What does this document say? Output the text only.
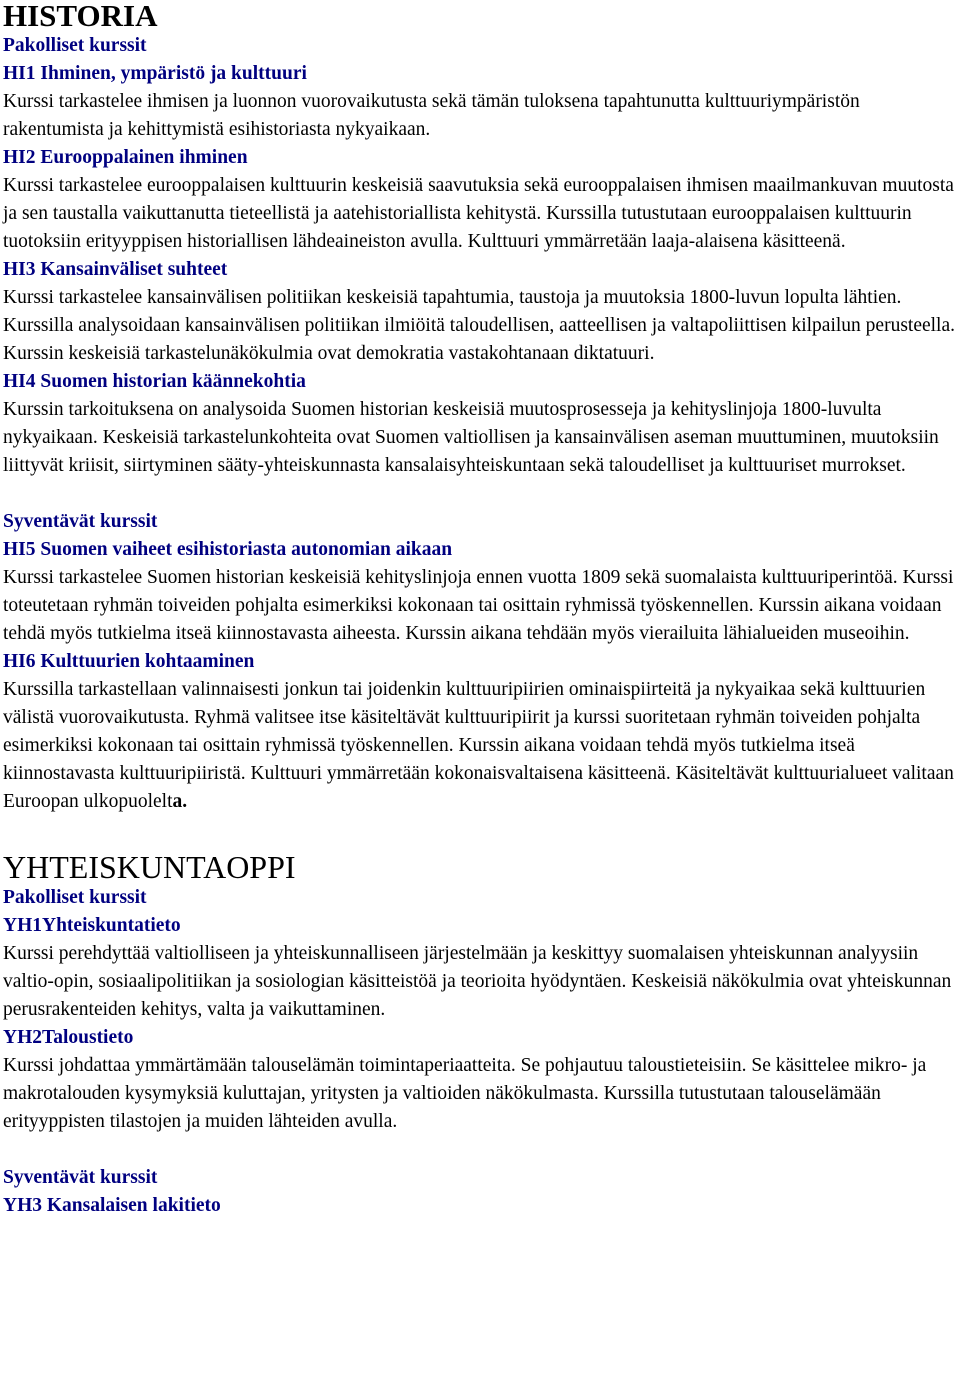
HISTORIA
Pakolliset kurssit
HI1 Ihminen, ympäristö ja kulttuuri
Kurssi tarkastelee ihmisen ja luonnon vuorovaikutusta sekä tämän tuloksena tapahtunutta kulttuuriympäristön rakentumista ja kehittymistä esihistoriasta nykyaikaan.
HI2 Eurooppalainen ihminen
Kurssi tarkastelee eurooppalaisen kulttuurin keskeisiä saavutuksia sekä eurooppalaisen ihmisen maailmankuvan muutosta ja sen taustalla vaikuttanutta tieteellistä ja aatehistoriallista kehitystä. Kurssilla tutustutaan eurooppalaisen kulttuurin tuotoksiin erityyppisen historiallisen lähdeaineiston avulla. Kulttuuri ymmärretään laaja-alaisena käsitteenä.
HI3 Kansainväliset suhteet
Kurssi tarkastelee kansainvälisen politiikan keskeisiä tapahtumia, taustoja ja muutoksia 1800-luvun lopulta lähtien. Kurssilla analysoidaan kansainvälisen politiikan ilmiöitä taloudellisen, aatteellisen ja valtapoliittisen kilpailun perusteella. Kurssin keskeisiä tarkastelunäkökulmia ovat demokratia vastakohtanaan diktatuuri.
HI4 Suomen historian käännekohtia
Kurssin tarkoituksena on analysoida Suomen historian keskeisiä muutosprosesseja ja kehityslinjoja 1800-luvulta nykyaikaan. Keskeisiä tarkastelunkohteita ovat Suomen valtiollisen ja kansainvälisen aseman muuttuminen, muutoksiin liittyvät kriisit, siirtyminen sääty-yhteiskunnasta kansalaisyhteiskuntaan sekä taloudelliset ja kulttuuriset murrokset.
Syventävät kurssit
HI5 Suomen vaiheet esihistoriasta autonomian aikaan
Kurssi tarkastelee Suomen historian keskeisiä kehityslinjoja ennen vuotta 1809 sekä suomalaista kulttuuriperintöä. Kurssi toteutetaan ryhmän toiveiden pohjalta esimerkiksi kokonaan tai osittain ryhmissä työskennellen. Kurssin aikana voidaan tehdä myös tutkielma itseä kiinnostavasta aiheesta. Kurssin aikana tehdään myös vierailuita lähialueiden museoihin.
HI6 Kulttuurien kohtaaminen
Kurssilla tarkastellaan valinnaisesti jonkun tai joidenkin kulttuuripiirien ominaispiirteitä ja nykyaikaa sekä kulttuurien välistä vuorovaikutusta. Ryhmä valitsee itse käsiteltävät kulttuuripiirit ja kurssi suoritetaan ryhmän toiveiden pohjalta esimerkiksi kokonaan tai osittain ryhmissä työskennellen. Kurssin aikana voidaan tehdä myös tutkielma itseä kiinnostavasta kulttuuripiiristä. Kulttuuri ymmärretään kokonaisvaltaisena käsitteenä. Käsiteltävät kulttuurialueet valitaan Euroopan ulkopuolelta.
YHTEISKUNTAOPPI
Pakolliset kurssit
YH1Yhteiskuntatieto
Kurssi perehdyttää valtiolliseen ja yhteiskunnalliseen järjestelmään ja keskittyy suomalaisen yhteiskunnan analyysiin valtio-opin, sosiaalipolitiikan ja sosiologian käsitteistöä ja teorioita hyödyntäen. Keskeisiä näkökulmia ovat yhteiskunnan perusrakenteiden kehitys, valta ja vaikuttaminen.
YH2Taloustieto
Kurssi johdattaa ymmärtämään talouselämän toimintaperiaatteita. Se pohjautuu taloustieteisiin. Se käsittelee mikro- ja makrotalouden kysymyksiä kuluttajan, yritysten ja valtioiden näkökulmasta. Kurssilla tutustutaan talouselämään erityyppisten tilastojen ja muiden lähteiden avulla.
Syventävät kurssit
YH3 Kansalaisen lakitieto
